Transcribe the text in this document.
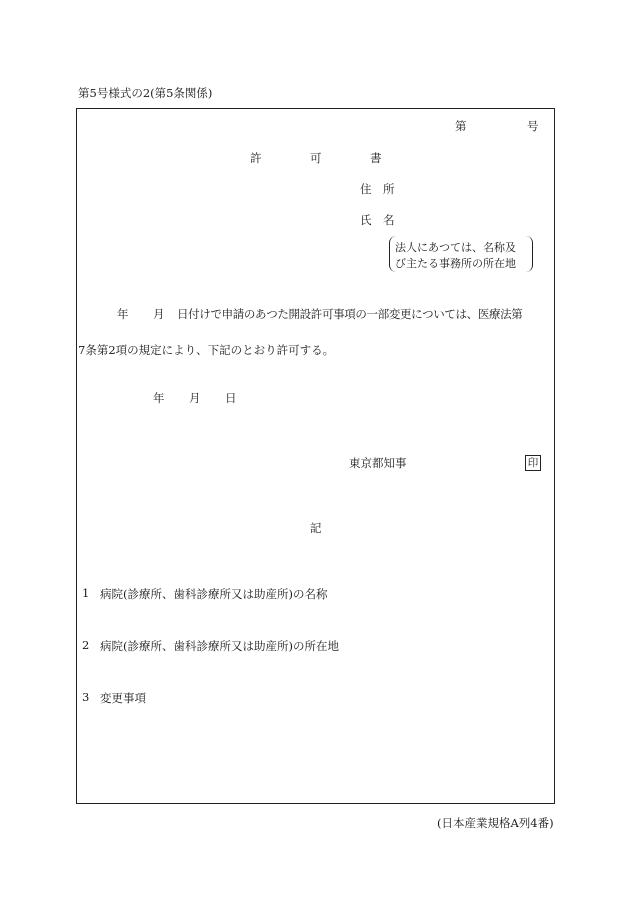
第5号様式の2(第5条関係)
第	号
許	可	書
住 所
氏 名
法人にあつては、名称及
び主たる事務所の所在地
年 月 日付けで申請のあつた開設許可事項の一部変更については、医療法第
7条第2項の規定により、下記のとおり許可する。
年 月 日
東京都知事	印
記
1 病院(診療所、歯科診療所又は助産所)の名称
2 病院(診療所、歯科診療所又は助産所)の所在地
3 変更事項
(日本産業規格A列4番)
